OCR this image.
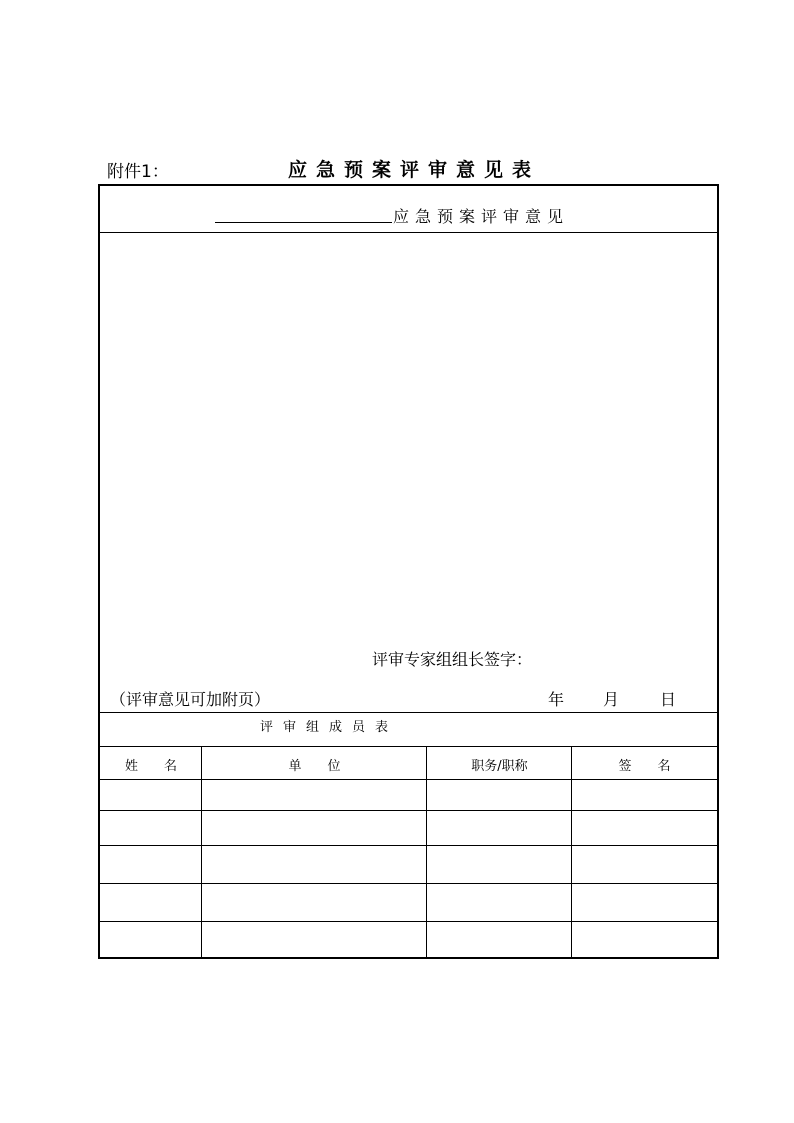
附件1：	应急预案评审意见表
应急预案评审意见
评审专家组组长签字：
（评审意见可加附页）	年 月	日
评审组成员表
姓　　名	单　　位	职务/职称	签　　名
